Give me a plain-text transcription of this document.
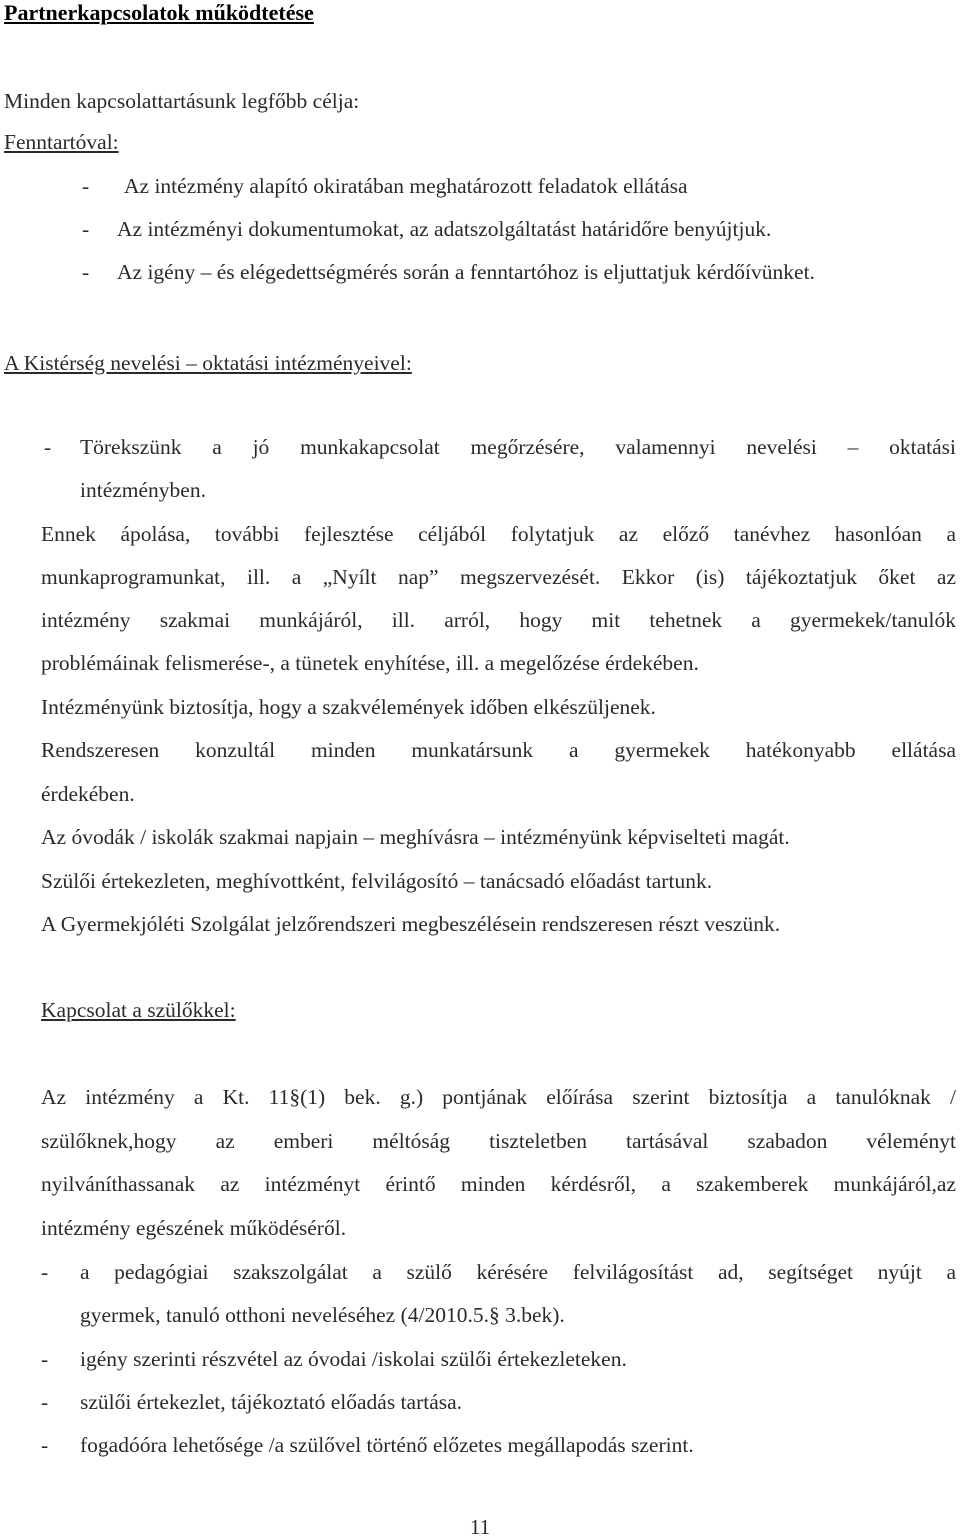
Partnerkapcsolatok működtetése
Minden kapcsolattartásunk legfőbb célja:
Fenntartóval:
- Az intézmény alapító okiratában meghatározott feladatok ellátása
- Az intézményi dokumentumokat, az adatszolgáltatást határidőre benyújtjuk.
- Az igény – és elégedettségmérés során a fenntartóhoz is eljuttatjuk kérdőívünket.
A Kistérség nevelési – oktatási intézményeivel:
- Törekszünk a jó munkakapcsolat megőrzésére, valamennyi nevelési – oktatási
intézményben.
Ennek ápolása, további fejlesztése céljából folytatjuk az előző tanévhez hasonlóan a
munkaprogramunkat, ill. a „Nyílt nap” megszervezését. Ekkor (is) tájékoztatjuk őket az
intézmény szakmai munkájáról, ill. arról, hogy mit tehetnek a gyermekek/tanulók
problémáinak felismerése-, a tünetek enyhítése, ill. a megelőzése érdekében.
Intézményünk biztosítja, hogy a szakvélemények időben elkészüljenek.
Rendszeresen konzultál minden munkatársunk a gyermekek hatékonyabb ellátása
érdekében.
Az óvodák / iskolák szakmai napjain – meghívásra – intézményünk képviselteti magát.
Szülői értekezleten, meghívottként, felvilágosító – tanácsadó előadást tartunk.
A Gyermekjóléti Szolgálat jelzőrendszeri megbeszélésein rendszeresen részt veszünk.
Kapcsolat a szülőkkel:
Az intézmény a Kt. 11§(1) bek. g.) pontjának előírása szerint biztosítja a tanulóknak /
szülőknek,hogy az emberi méltóság tiszteletben tartásával szabadon véleményt
nyilváníthassanak az intézményt érintő minden kérdésről, a szakemberek munkájáról,az
intézmény egészének működéséről.
- a pedagógiai szakszolgálat a szülő kérésére felvilágosítást ad, segítséget nyújt a
gyermek, tanuló otthoni neveléséhez (4/2010.5.§ 3.bek).
- igény szerinti részvétel az óvodai /iskolai szülői értekezleteken.
- szülői értekezlet, tájékoztató előadás tartása.
- fogadóóra lehetősége /a szülővel történő előzetes megállapodás szerint.
11
